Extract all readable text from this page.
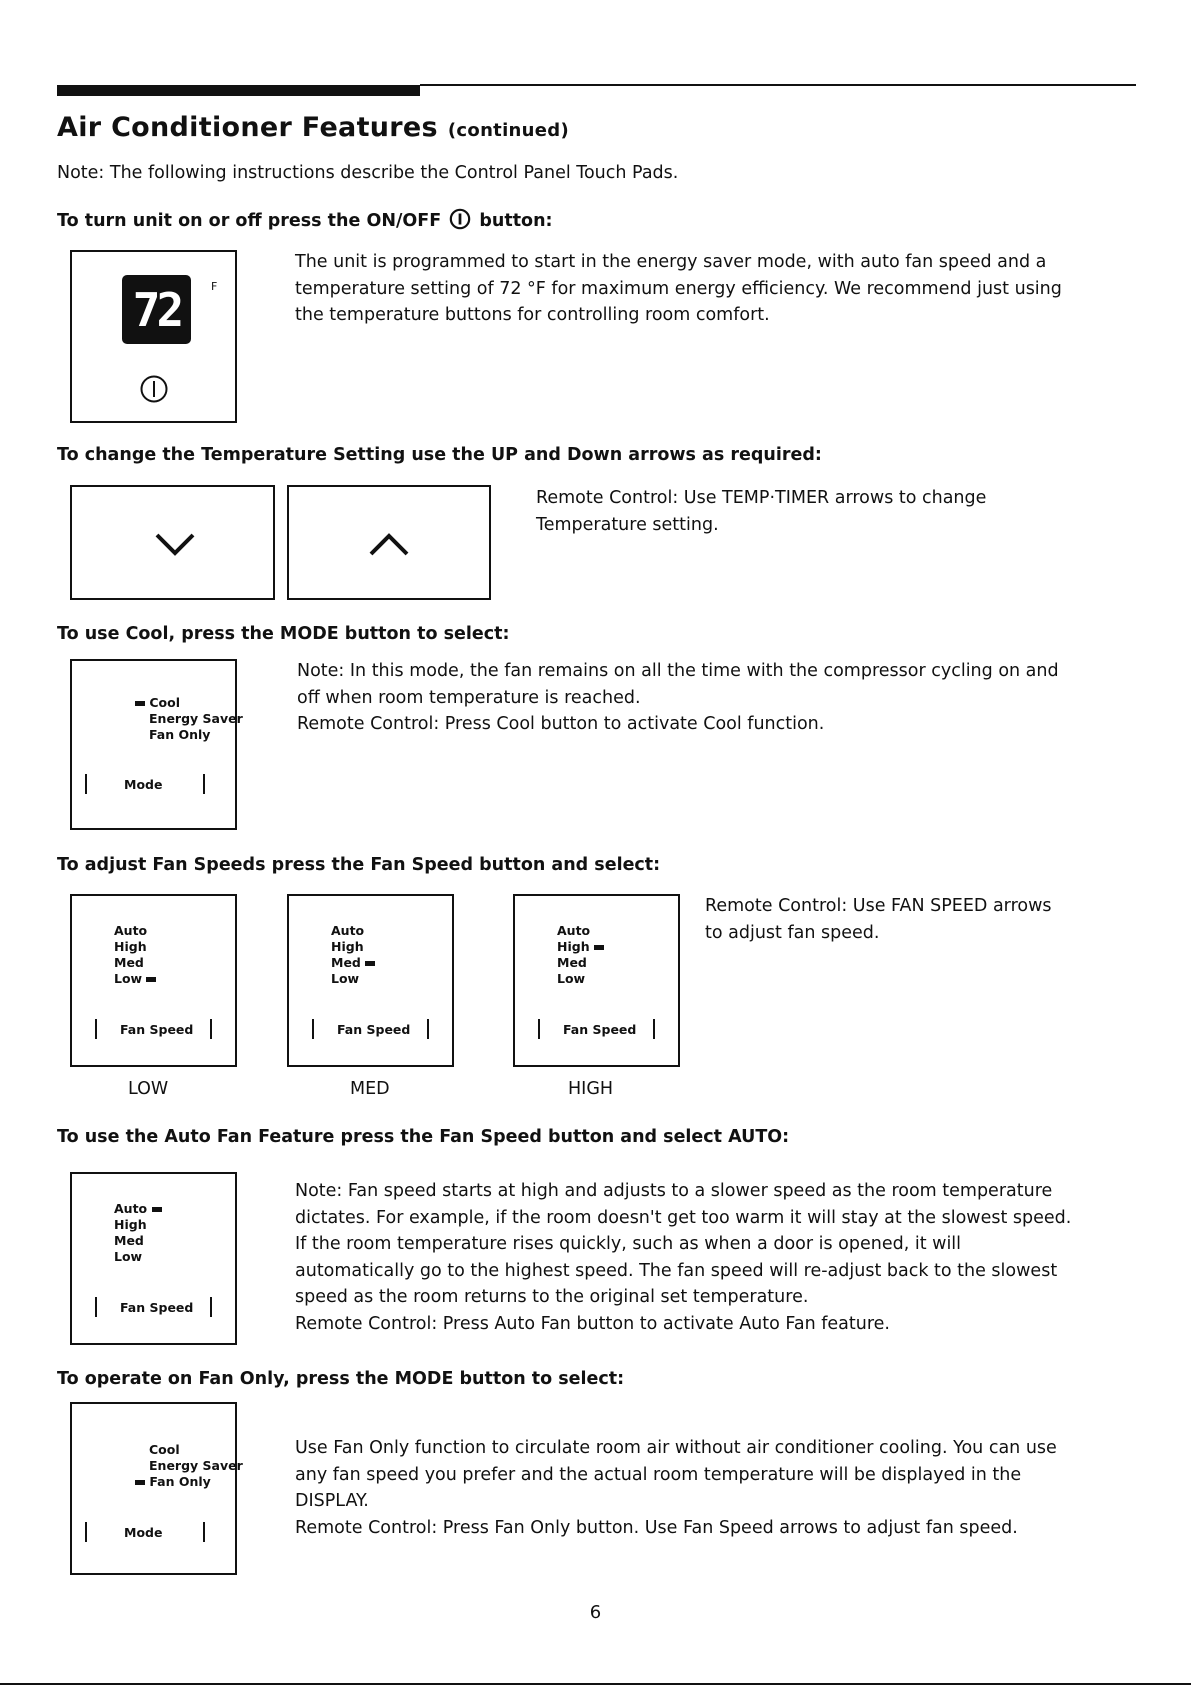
Air Conditioner Features (continued)
Note: The following instructions describe the Control Panel Touch Pads.
To turn unit on or off press the ON/OFF button:
72	F
The unit is programmed to start in the energy saver mode, with auto fan speed and a
temperature setting of 72 °F for maximum energy efficiency. We recommend just using
the temperature buttons for controlling room comfort.
To change the Temperature Setting use the UP and Down arrows as required:
Remote Control: Use TEMP·TIMER arrows to change
Temperature setting.
To use Cool, press the MODE button to select:
Cool
Energy Saver
Fan Only
Mode
Note: In this mode, the fan remains on all the time with the compressor cycling on and
off when room temperature is reached.
Remote Control: Press Cool button to activate Cool function.
To adjust Fan Speeds press the Fan Speed button and select:
Auto
High
Med
Low
Fan Speed
Auto
High
Med
Low
Fan Speed
Auto
High
Med
Low
Fan Speed
LOW	MED	HIGH
Remote Control: Use FAN SPEED arrows
to adjust fan speed.
To use the Auto Fan Feature press the Fan Speed button and select AUTO:
Auto
High
Med
Low
Fan Speed
Note: Fan speed starts at high and adjusts to a slower speed as the room temperature
dictates. For example, if the room doesn't get too warm it will stay at the slowest speed.
If the room temperature rises quickly, such as when a door is opened, it will
automatically go to the highest speed. The fan speed will re-adjust back to the slowest
speed as the room returns to the original set temperature.
Remote Control: Press Auto Fan button to activate Auto Fan feature.
To operate on Fan Only, press the MODE button to select:
Cool
Energy Saver
Fan Only
Mode
Use Fan Only function to circulate room air without air conditioner cooling. You can use
any fan speed you prefer and the actual room temperature will be displayed in the
DISPLAY.
Remote Control: Press Fan Only button. Use Fan Speed arrows to adjust fan speed.
6
